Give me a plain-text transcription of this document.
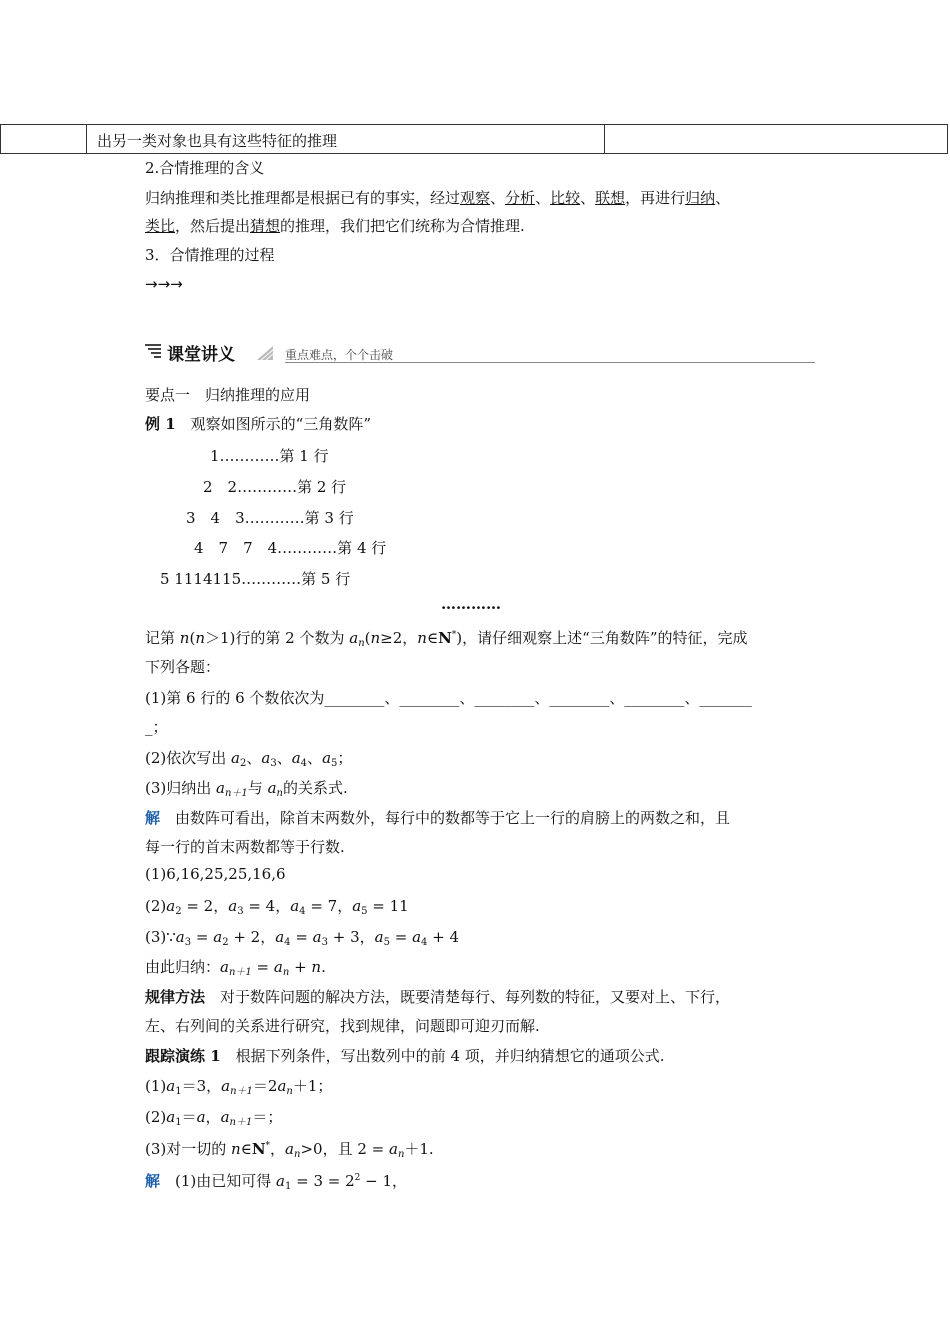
出另一类对象也具有这些特征的推理
2.合情推理的含义
归纳推理和类比推理都是根据已有的事实，经过观察、分析、比较、联想，再进行归纳、
类比，然后提出猜想的推理，我们把它们统称为合情推理.
3．合情推理的过程
→→→
课堂讲义	重点难点，个个击破
要点一　归纳推理的应用
例 1　观察如图所示的“三角数阵”
1…………第 1 行
2　2…………第 2 行
3　4　3…………第 3 行
4　7　7　4…………第 4 行
5 1114115…………第 5 行
…………
记第 n(n＞1)行的第 2 个数为 $a_n(n\ge 2$，n∈N*)，请仔细观察上述“三角数阵”的特征，完成
下列各题：
(1)第 6 行的 6 个数依次为________、________、________、________、________、_______
_；
(2)依次写出 $a_2$、$a_3$、$a_4$、$a_5$；
(3)归纳出 $a_{n+1}$与 $a_n$的关系式.
解　由数阵可看出，除首末两数外，每行中的数都等于它上一行的肩膀上的两数之和，且
每一行的首末两数都等于行数.
(1)6,16,25,25,16,6
$(2)a_2 = 2$，$a_3 = 4$，$a_4 = 7$，$a_5 = 11$
$(3)\because a_3 = a_2 + 2$，$a_4 = a_3 + 3$，$a_5 = a_4 + 4$
由此归纳：$a_{n+1} = a_n + n$.
规律方法　对于数阵问题的解决方法，既要清楚每行、每列数的特征，又要对上、下行，
左、右列间的关系进行研究，找到规律，问题即可迎刃而解.
跟踪演练 1　根据下列条件，写出数列中的前 4 项，并归纳猜想它的通项公式.
$(1)a_1=3$，$a_{n+1}=2a_n+1$；
$(2)a_1=a$，$a_{n+1}=$；
(3)对一切的 n∈N*，$a_n>0$，且 $2 = a_n+1$.
解　(1)由已知可得 $a_1 = 3 = 2^2 - 1$，
